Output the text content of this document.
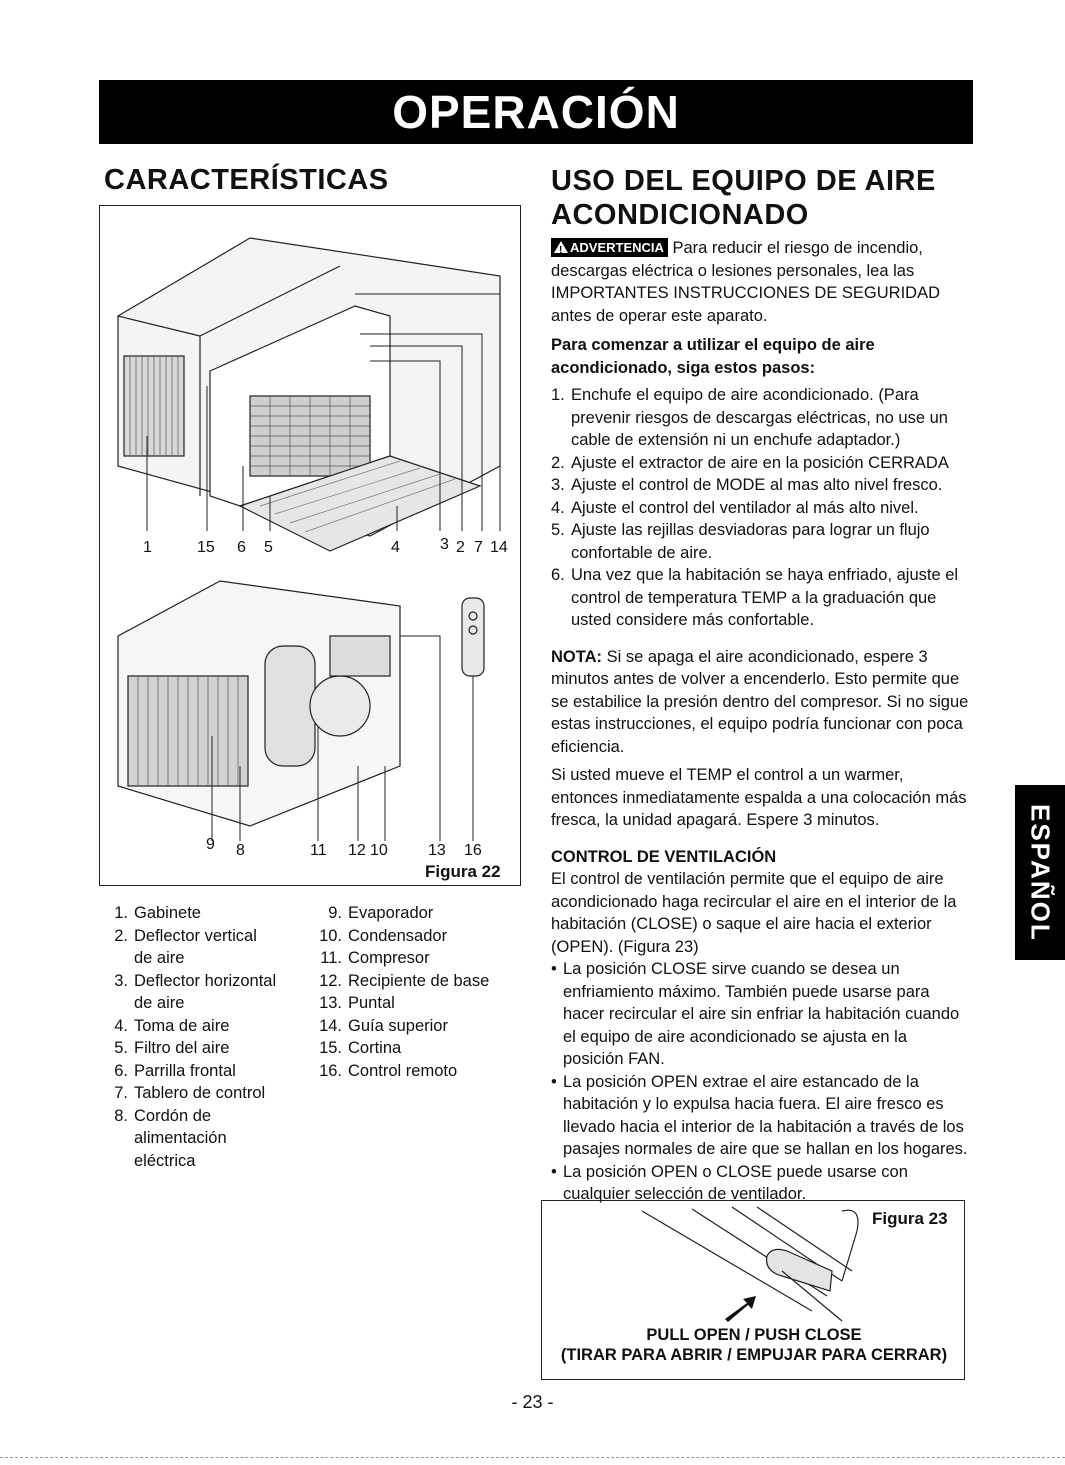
OPERACIÓN
CARACTERÍSTICAS	USO DEL EQUIPO DE AIRE ACONDICIONADO
1	15 6 5	4	3 2 7 14
9 8	11 12 10	13 16
Figura 22
1. Gabinete
2. Deflector vertical de aire
3. Deflector horizontal de aire
4. Toma de aire
5. Filtro del aire
6. Parrilla frontal
7. Tablero de control
8. Cordón de alimentación eléctrica
9. Evaporador
10. Condensador
11. Compresor
12. Recipiente de base
13. Puntal
14. Guía superior
15. Cortina
16. Control remoto

!ADVERTENCIA Para reducir el riesgo de incendio, descargas eléctrica o lesiones personales, lea las IMPORTANTES INSTRUCCIONES DE SEGURIDAD antes de operar este aparato.

Para comenzar a utilizar el equipo de aire acondicionado, siga estos pasos:

1. Enchufe el equipo de aire acondicionado. (Para prevenir riesgos de descargas eléctricas, no use un cable de extensión ni un enchufe adaptador.)
2. Ajuste el extractor de aire en la posición CERRADA
3. Ajuste el control de MODE al mas alto nivel fresco.
4. Ajuste el control del ventilador al más alto nivel.
5. Ajuste las rejillas desviadoras para lograr un flujo confortable de aire.
6. Una vez que la habitación se haya enfriado, ajuste el control de temperatura TEMP a la graduación que usted considere más confortable.

NOTA: Si se apaga el aire acondicionado, espere 3 minutos antes de volver a encenderlo. Esto permite que se estabilice la presión dentro del compresor. Si no sigue estas instrucciones, el equipo podría funcionar con poca eficiencia.

Si usted mueve el TEMP el control a un warmer, entonces inmediatamente espalda a una colocación más fresca, la unidad apagará. Espere 3 minutos.

CONTROL DE VENTILACIÓN

El control de ventilación permite que el equipo de aire acondicionado haga recircular el aire en el interior de la habitación (CLOSE) o saque el aire hacia el exterior (OPEN). (Figura 23)

• La posición CLOSE sirve cuando se desea un enfriamiento máximo. También puede usarse para hacer recircular el aire sin enfriar la habitación cuando el equipo de aire acondicionado se ajusta en la posición FAN.
• La posición OPEN extrae el aire estancado de la habitación y lo expulsa hacia fuera. El aire fresco es llevado hacia el interior de la habitación a través de los pasajes normales de aire que se hallan en los hogares.
• La posición OPEN o CLOSE puede usarse con cualquier selección de ventilador.
Figura 23
PULL OPEN / PUSH CLOSE
(TIRAR PARA ABRIR / EMPUJAR PARA CERRAR)
ESPAÑOL
- 23 -
